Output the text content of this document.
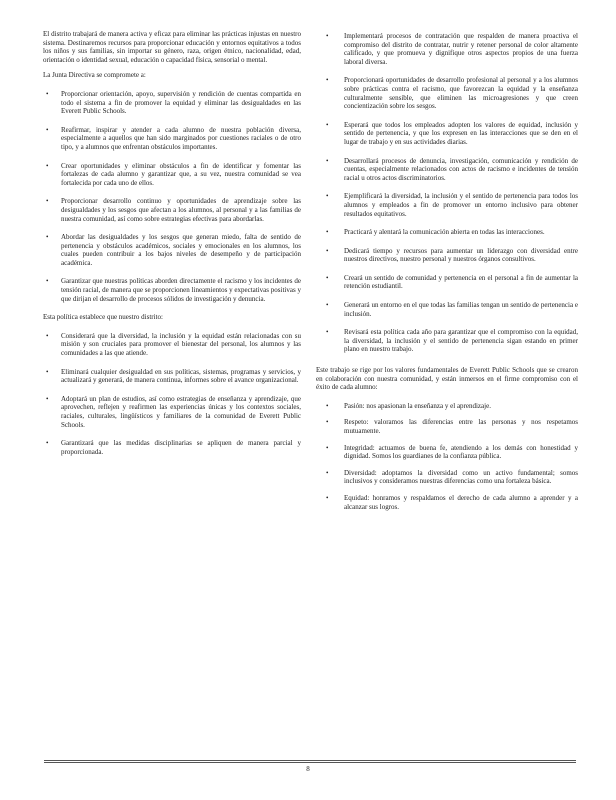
El distrito trabajará de manera activa y eficaz para eliminar las prácticas injustas en nuestro sistema. Destinaremos recursos para proporcionar educación y entornos equitativos a todos los niños y sus familias, sin importar su género, raza, origen étnico, nacionalidad, edad, orientación o identidad sexual, educación o capacidad física, sensorial o mental.

La Junta Directiva se compromete a:

• Proporcionar orientación, apoyo, supervisión y rendición de cuentas compartida en todo el sistema a fin de promover la equidad y eliminar las desigualdades en las Everett Public Schools.
• Reafirmar, inspirar y atender a cada alumno de nuestra población diversa, especialmente a aquellos que han sido marginados por cuestiones raciales o de otro tipo, y a alumnos que enfrentan obstáculos importantes.
• Crear oportunidades y eliminar obstáculos a fin de identificar y fomentar las fortalezas de cada alumno y garantizar que, a su vez, nuestra comunidad se vea fortalecida por cada uno de ellos.
• Proporcionar desarrollo continuo y oportunidades de aprendizaje sobre las desigualdades y los sesgos que afectan a los alumnos, al personal y a las familias de nuestra comunidad, así como sobre estrategias efectivas para abordarlas.
• Abordar las desigualdades y los sesgos que generan miedo, falta de sentido de pertenencia y obstáculos académicos, sociales y emocionales en los alumnos, los cuales pueden contribuir a los bajos niveles de desempeño y de participación académica.
• Garantizar que nuestras políticas aborden directamente el racismo y los incidentes de tensión racial, de manera que se proporcionen lineamientos y expectativas positivas y que dirijan el desarrollo de procesos sólidos de investigación y denuncia.

Esta política establece que nuestro distrito:

• Considerará que la diversidad, la inclusión y la equidad están relacionadas con su misión y son cruciales para promover el bienestar del personal, los alumnos y las comunidades a las que atiende.
• Eliminará cualquier desigualdad en sus políticas, sistemas, programas y servicios, y actualizará y generará, de manera continua, informes sobre el avance organizacional.
• Adoptará un plan de estudios, así como estrategias de enseñanza y aprendizaje, que aprovechen, reflejen y reafirmen las experiencias únicas y los contextos sociales, raciales, culturales, lingüísticos y familiares de la comunidad de Everett Public Schools.
• Garantizará que las medidas disciplinarias se apliquen de manera parcial y proporcionada.
• Implementará procesos de contratación que respalden de manera proactiva el compromiso del distrito de contratar, nutrir y retener personal de color altamente calificado, y que promueva y dignifique otros aspectos propios de una fuerza laboral diversa.
• Proporcionará oportunidades de desarrollo profesional al personal y a los alumnos sobre prácticas contra el racismo, que favorezcan la equidad y la enseñanza culturalmente sensible, que eliminen las microagresiones y que creen concientización sobre los sesgos.
• Esperará que todos los empleados adopten los valores de equidad, inclusión y sentido de pertenencia, y que los expresen en las interacciones que se den en el lugar de trabajo y en sus actividades diarias.
• Desarrollará procesos de denuncia, investigación, comunicación y rendición de cuentas, especialmente relacionados con actos de racismo e incidentes de tensión racial u otros actos discriminatorios.
• Ejemplificará la diversidad, la inclusión y el sentido de pertenencia para todos los alumnos y empleados a fin de promover un entorno inclusivo para obtener resultados equitativos.
• Practicará y alentará la comunicación abierta en todas las interacciones.
• Dedicará tiempo y recursos para aumentar un liderazgo con diversidad entre nuestros directivos, nuestro personal y nuestros órganos consultivos.
• Creará un sentido de comunidad y pertenencia en el personal a fin de aumentar la retención estudiantil.
• Generará un entorno en el que todas las familias tengan un sentido de pertenencia e inclusión.
• Revisará esta política cada año para garantizar que el compromiso con la equidad, la diversidad, la inclusión y el sentido de pertenencia sigan estando en primer plano en nuestro trabajo.

Este trabajo se rige por los valores fundamentales de Everett Public Schools que se crearon en colaboración con nuestra comunidad, y están inmersos en el firme compromiso con el éxito de cada alumno:

• Pasión: nos apasionan la enseñanza y el aprendizaje.
• Respeto: valoramos las diferencias entre las personas y nos respetamos mutuamente.
• Integridad: actuamos de buena fe, atendiendo a los demás con honestidad y dignidad. Somos los guardianes de la confianza pública.
• Diversidad: adoptamos la diversidad como un activo fundamental; somos inclusivos y consideramos nuestras diferencias como una fortaleza básica.
• Equidad: honramos y respaldamos el derecho de cada alumno a aprender y a alcanzar sus logros.
8
